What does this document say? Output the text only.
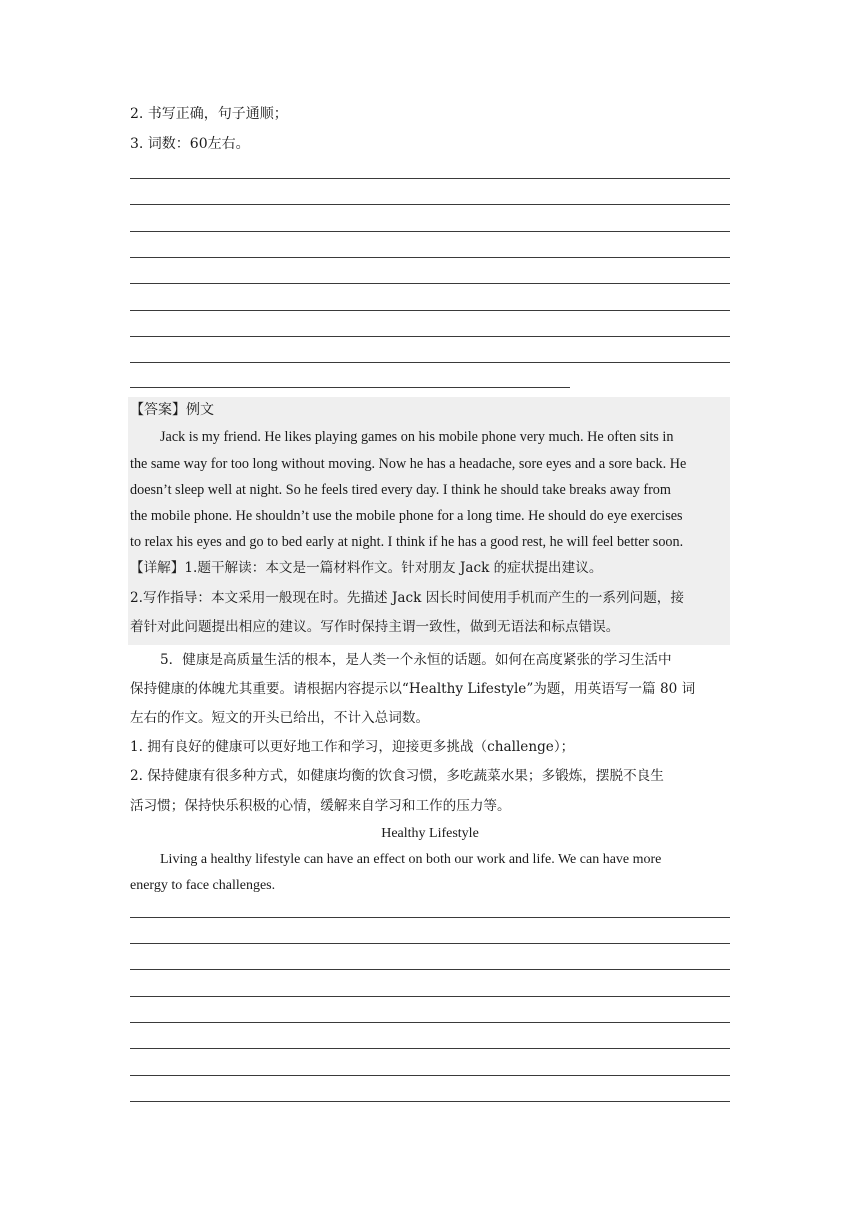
2. 书写正确，句子通顺；
3. 词数：60左右。
【答案】例文
Jack is my friend. He likes playing games on his mobile phone very much. He often sits in
the same way for too long without moving. Now he has a headache, sore eyes and a sore back. He
doesn’t sleep well at night. So he feels tired every day. I think he should take breaks away from
the mobile phone. He shouldn’t use the mobile phone for a long time. He should do eye exercises
to relax his eyes and go to bed early at night. I think if he has a good rest, he will feel better soon.
【详解】1.题干解读：本文是一篇材料作文。针对朋友 Jack 的症状提出建议。
2.写作指导：本文采用一般现在时。先描述 Jack 因长时间使用手机而产生的一系列问题，接
着针对此问题提出相应的建议。写作时保持主谓一致性，做到无语法和标点错误。
5．健康是高质量生活的根本，是人类一个永恒的话题。如何在高度紧张的学习生活中
保持健康的体魄尤其重要。请根据内容提示以“Healthy Lifestyle”为题，用英语写一篇 80 词
左右的作文。短文的开头已给出，不计入总词数。
1. 拥有良好的健康可以更好地工作和学习，迎接更多挑战（challenge）；
2. 保持健康有很多种方式，如健康均衡的饮食习惯，多吃蔬菜水果；多锻炼，摆脱不良生
活习惯；保持快乐积极的心情，缓解来自学习和工作的压力等。
Healthy Lifestyle
Living a healthy lifestyle can have an effect on both our work and life. We can have more
energy to face challenges.
